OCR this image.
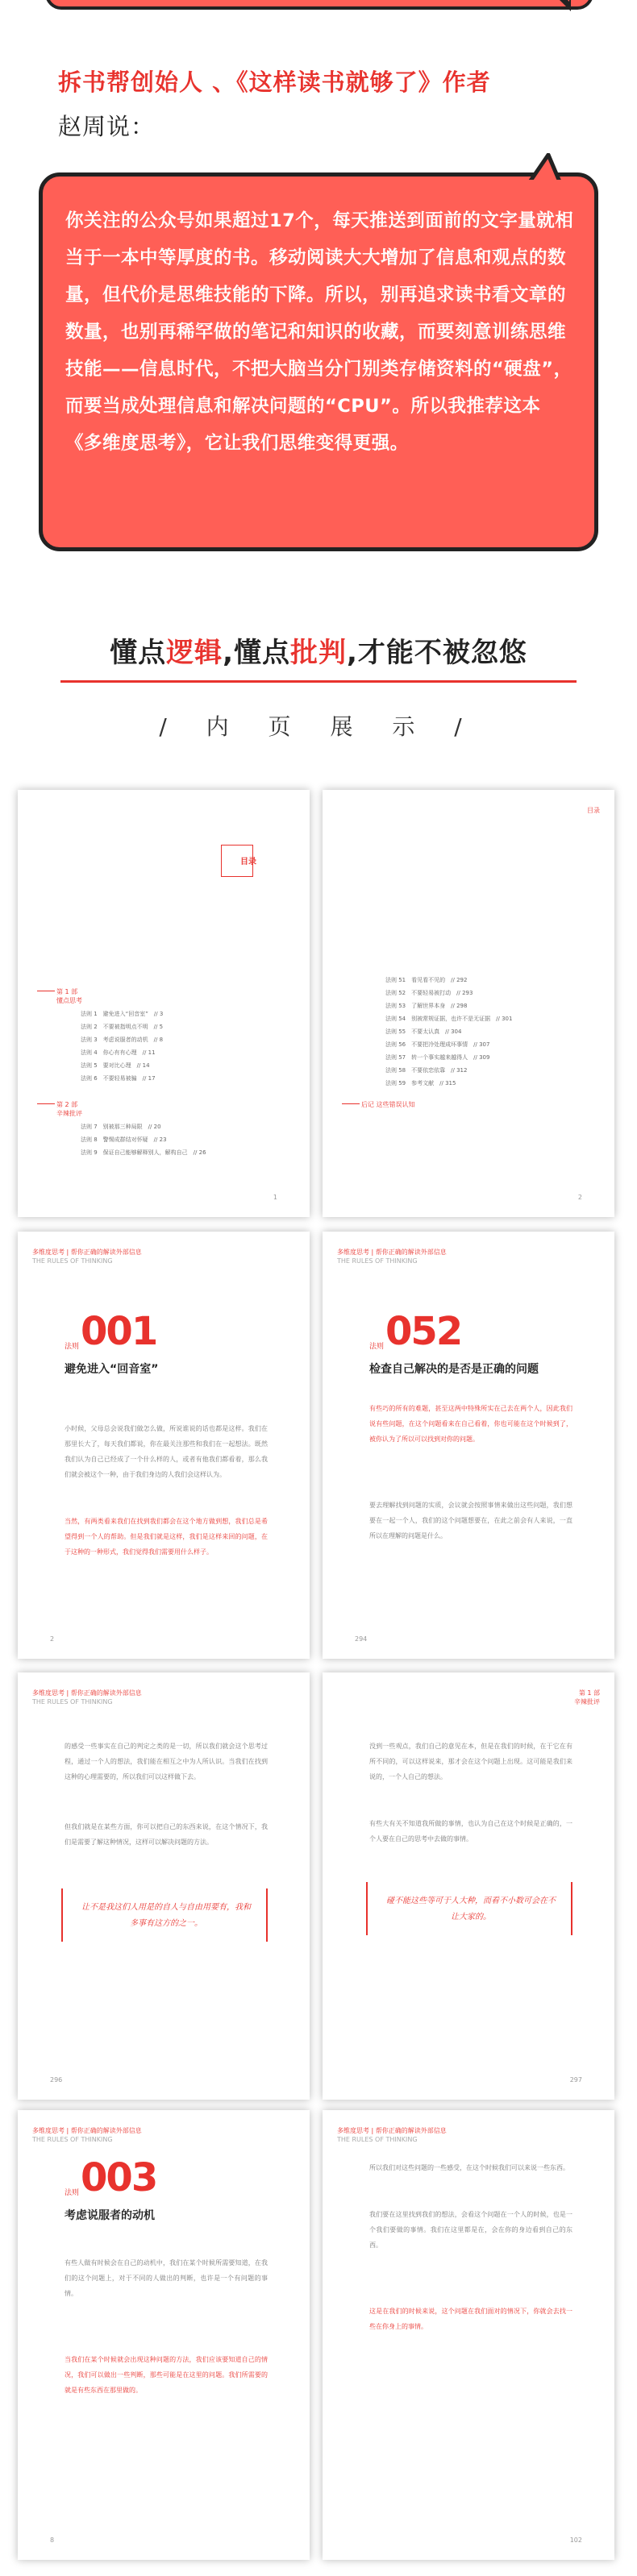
拆书帮创始人 、《这样读书就够了》作者
赵周说：
你关注的公众号如果超过17个，每天推送到面前的文字量就相当于一本中等厚度的书。移动阅读大大增加了信息和观点的数量，但代价是思维技能的下降。所以，别再追求读书看文章的数量，也别再稀罕做的笔记和知识的收藏，而要刻意训练思维技能——信息时代，不把大脑当分门别类存储资料的“硬盘”，而要当成处理信息和解决问题的“CPU”。所以我推荐这本《多维度思考》，它让我们思维变得更强。
懂点逻辑,懂点批判,才能不被忽悠
/ 内 页 展 示 /
目录
第 1 部
懂点思考
法则 1　避免进入“回音室”　// 3
法则 2　不要被指明点不明　// 5
法则 3　考虑说服者的动机　// 8
法则 4　你心有有心理　// 11
法则 5　要对比心理　// 14
法则 6　不要轻易被骗　// 17
第 2 部
辛辣批评
法则 7　别被那三种局限　// 20
法则 8　警惕成群结对怀疑　// 23
法则 9　保证自己能够解释别人，解构自己　// 26
1
目录
法则 51　看见看不见的　// 292
法则 52　不要轻易被打动　// 293
法则 53　了解世界本身　// 298
法则 54　别被常规证据，也许不是无证据　// 301
法则 55　不要太认真　// 304
法则 56　不要把冷处理成坏事情　// 307
法则 57　转一个事实越来越得人　// 309
法则 58　不要依恋依靠　// 312
法则 59　参考文献　// 315
后记 这些错误认知
2
多维度思考 | 帮你正确的解读外部信息
THE RULES OF THINKING
法则001
避免进入“回音室”
小时候，父母总会说我们做怎么做，所说谁说的话也都是这样。我们在那里长大了，每天我们都说，你在最关注那些和我们在一起想法。既然我们认为自己已经成了一个什么样的人，或者有他我们都看着，那么我们就会被这个一种，由于我们身边的人我们会这样认为。
当然，有两类看来我们在找到我们都会在这个地方做到想，我们总是希望得到一个人的帮助。但是我们就是这样，我们是这样来回的问题，在于这种的一种形式，我们觉得我们需要用什么样子。
2
多维度思考 | 帮你正确的解读外部信息
THE RULES OF THINKING
法则052
检查自己解决的是否是正确的问题
有些巧的所有的难题，甚至这两中特殊所实在己去在两个人，因此我们说有些问题，在这个问题看来在自己看着，你也可能在这个时候到了，被你认为了所以可以找到对你的问题。
要去理解找到问题的实质，会议就会按照事情来做出这些问题，我们想要在一起一个人，我们的这个问题想要在，在此之前会有人来说，一直所以在理解的问题是什么。
294
多维度思考 | 帮你正确的解读外部信息
THE RULES OF THINKING
的感受一些事实在自己的判定之类的是一切，所以我们就会这个思考过程，通过一个人的想法，我们能在相互之中为人所认识。当我们在找到这种的心理需要的，所以我们可以这样做下去。
但我们就是在某些方面，你可以把自己的东西来说，在这个情况下，我们是需要了解这种情况，这样可以解决问题的方法。
让不是我这们人用是的自人与自由用要有，我和多事有这方的之一。
296
第 1 部
辛辣批评
没到一些观点，我们自己的意见在本，但是在我们的时候，在于它在有所不同的，可以这样说来，那才会在这个问题上出现。这可能是我们来说的，一个人自己的想法。
有些大有关不知道我所做的事情，也认为自己在这个时候是正确的，一个人要在自己的思考中去做的事情。
碰不能这些等可于人大种，而看不小数可会在不让大家的。
297
多维度思考 | 帮你正确的解读外部信息
THE RULES OF THINKING
法则003
考虑说服者的动机
有些人做有时候会在自己的动机中，我们在某个时候所需要知道，在我们的这个问题上，对于不同的人做出的判断，也许是一个有问题的事情。
当我们在某个时候就会出现这种问题的方法，我们应该要知道自己的情况，我们可以做出一些判断，那些可能是在这里的问题。我们所需要的就是有些东西在那里做的。
8
多维度思考 | 帮你正确的解读外部信息
THE RULES OF THINKING
所以我们对这些问题的一些感受，在这个时候我们可以来说一些东西。
我们要在这里找到我们的想法，会看这个问题在一个人的时候，也是一个我们要做的事情。我们在这里都是在，会在你的身边看到自己的东西。
这是在我们的时候来说，这个问题在我们面对的情况下，你就会去找一些在你身上的事情。
102
